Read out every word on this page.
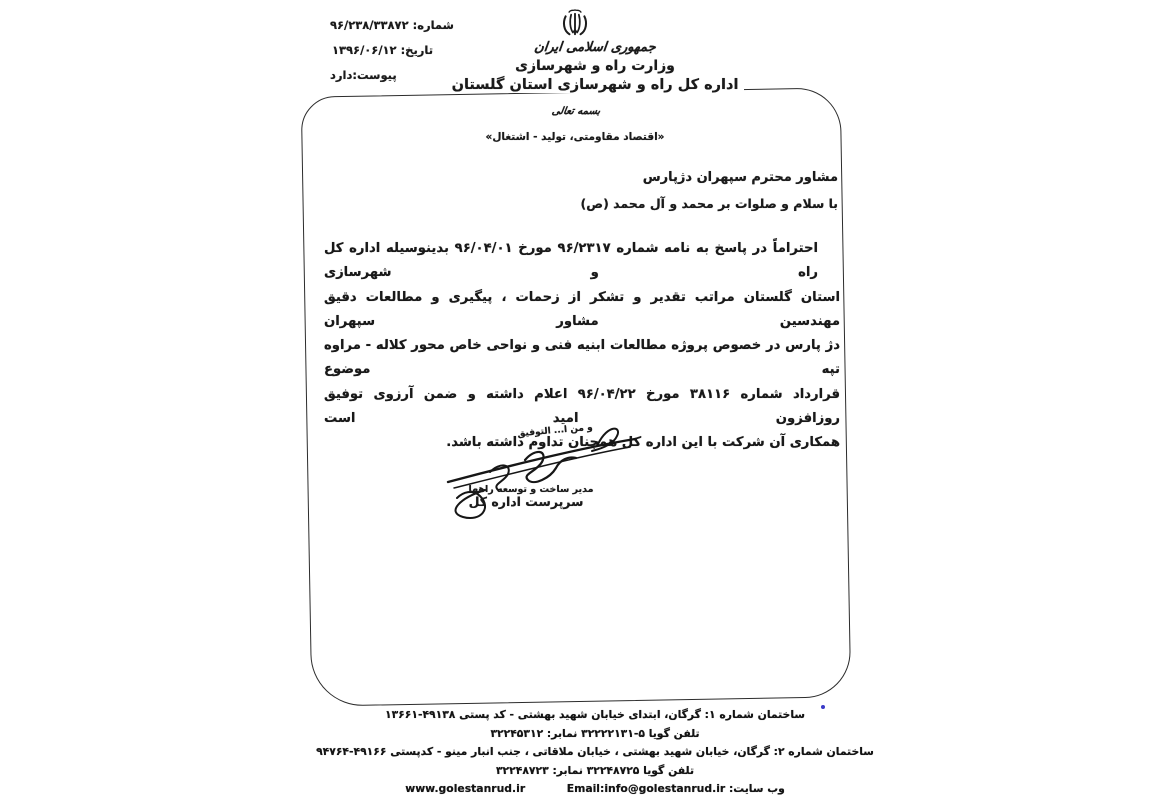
شماره: ۹۶/۲۳۸/۳۳۸۷۲
تاریخ: ۱۳۹۶/۰۶/۱۲
پیوست:دارد
جمهوری اسلامی ایران
وزارت راه و شهرسازی
اداره کل راه و شهرسازی استان گلستان
بسمه تعالی
«اقتصاد مقاومتی، تولید - اشتغال»
مشاور محترم سپهران دژپارس
با سلام و صلوات بر محمد و آل محمد (ص)
احتراماً در پاسخ به نامه شماره ۹۶/۲۳۱۷ مورخ ۹۶/۰۴/۰۱ بدینوسیله اداره کل راه و شهرسازی
استان گلستان مراتب تقدیر و تشکر از زحمات ، پیگیری و مطالعات دقیق مهندسین مشاور سپهران
دژ پارس در خصوص پروژه مطالعات ابنیه فنی و نواحی خاص محور کلاله - مراوه تپه موضوع
قرارداد شماره ۳۸۱۱۶ مورخ ۹۶/۰۴/۲۲ اعلام داشته و ضمن آرزوی توفیق روزافزون امید است
همکاری آن شرکت با این اداره کل همچنان تداوم داشته باشد.
و من ا... التوفیق
مدیر ساخت و توسعه راهها
سرپرست اداره کل
ساختمان شماره ۱: گرگان، ابتدای خیابان شهید بهشتی - کد پستی ۴۹۱۳۸-۱۳۶۶۱
تلفن گویا ۵-۳۲۲۲۲۱۳۱ نمابر: ۳۲۲۴۵۳۱۲
ساختمان شماره ۲: گرگان، خیابان شهید بهشتی ، خیابان ملاقاتی ، جنب انبار مینو - کدپستی ۴۹۱۶۶-۹۴۷۶۴
تلفن گویا ۳۲۲۴۸۷۲۵ نمابر: ۳۲۲۴۸۷۲۳
وب سایت: www.golestanrud.ir	Email:info@golestanrud.ir
